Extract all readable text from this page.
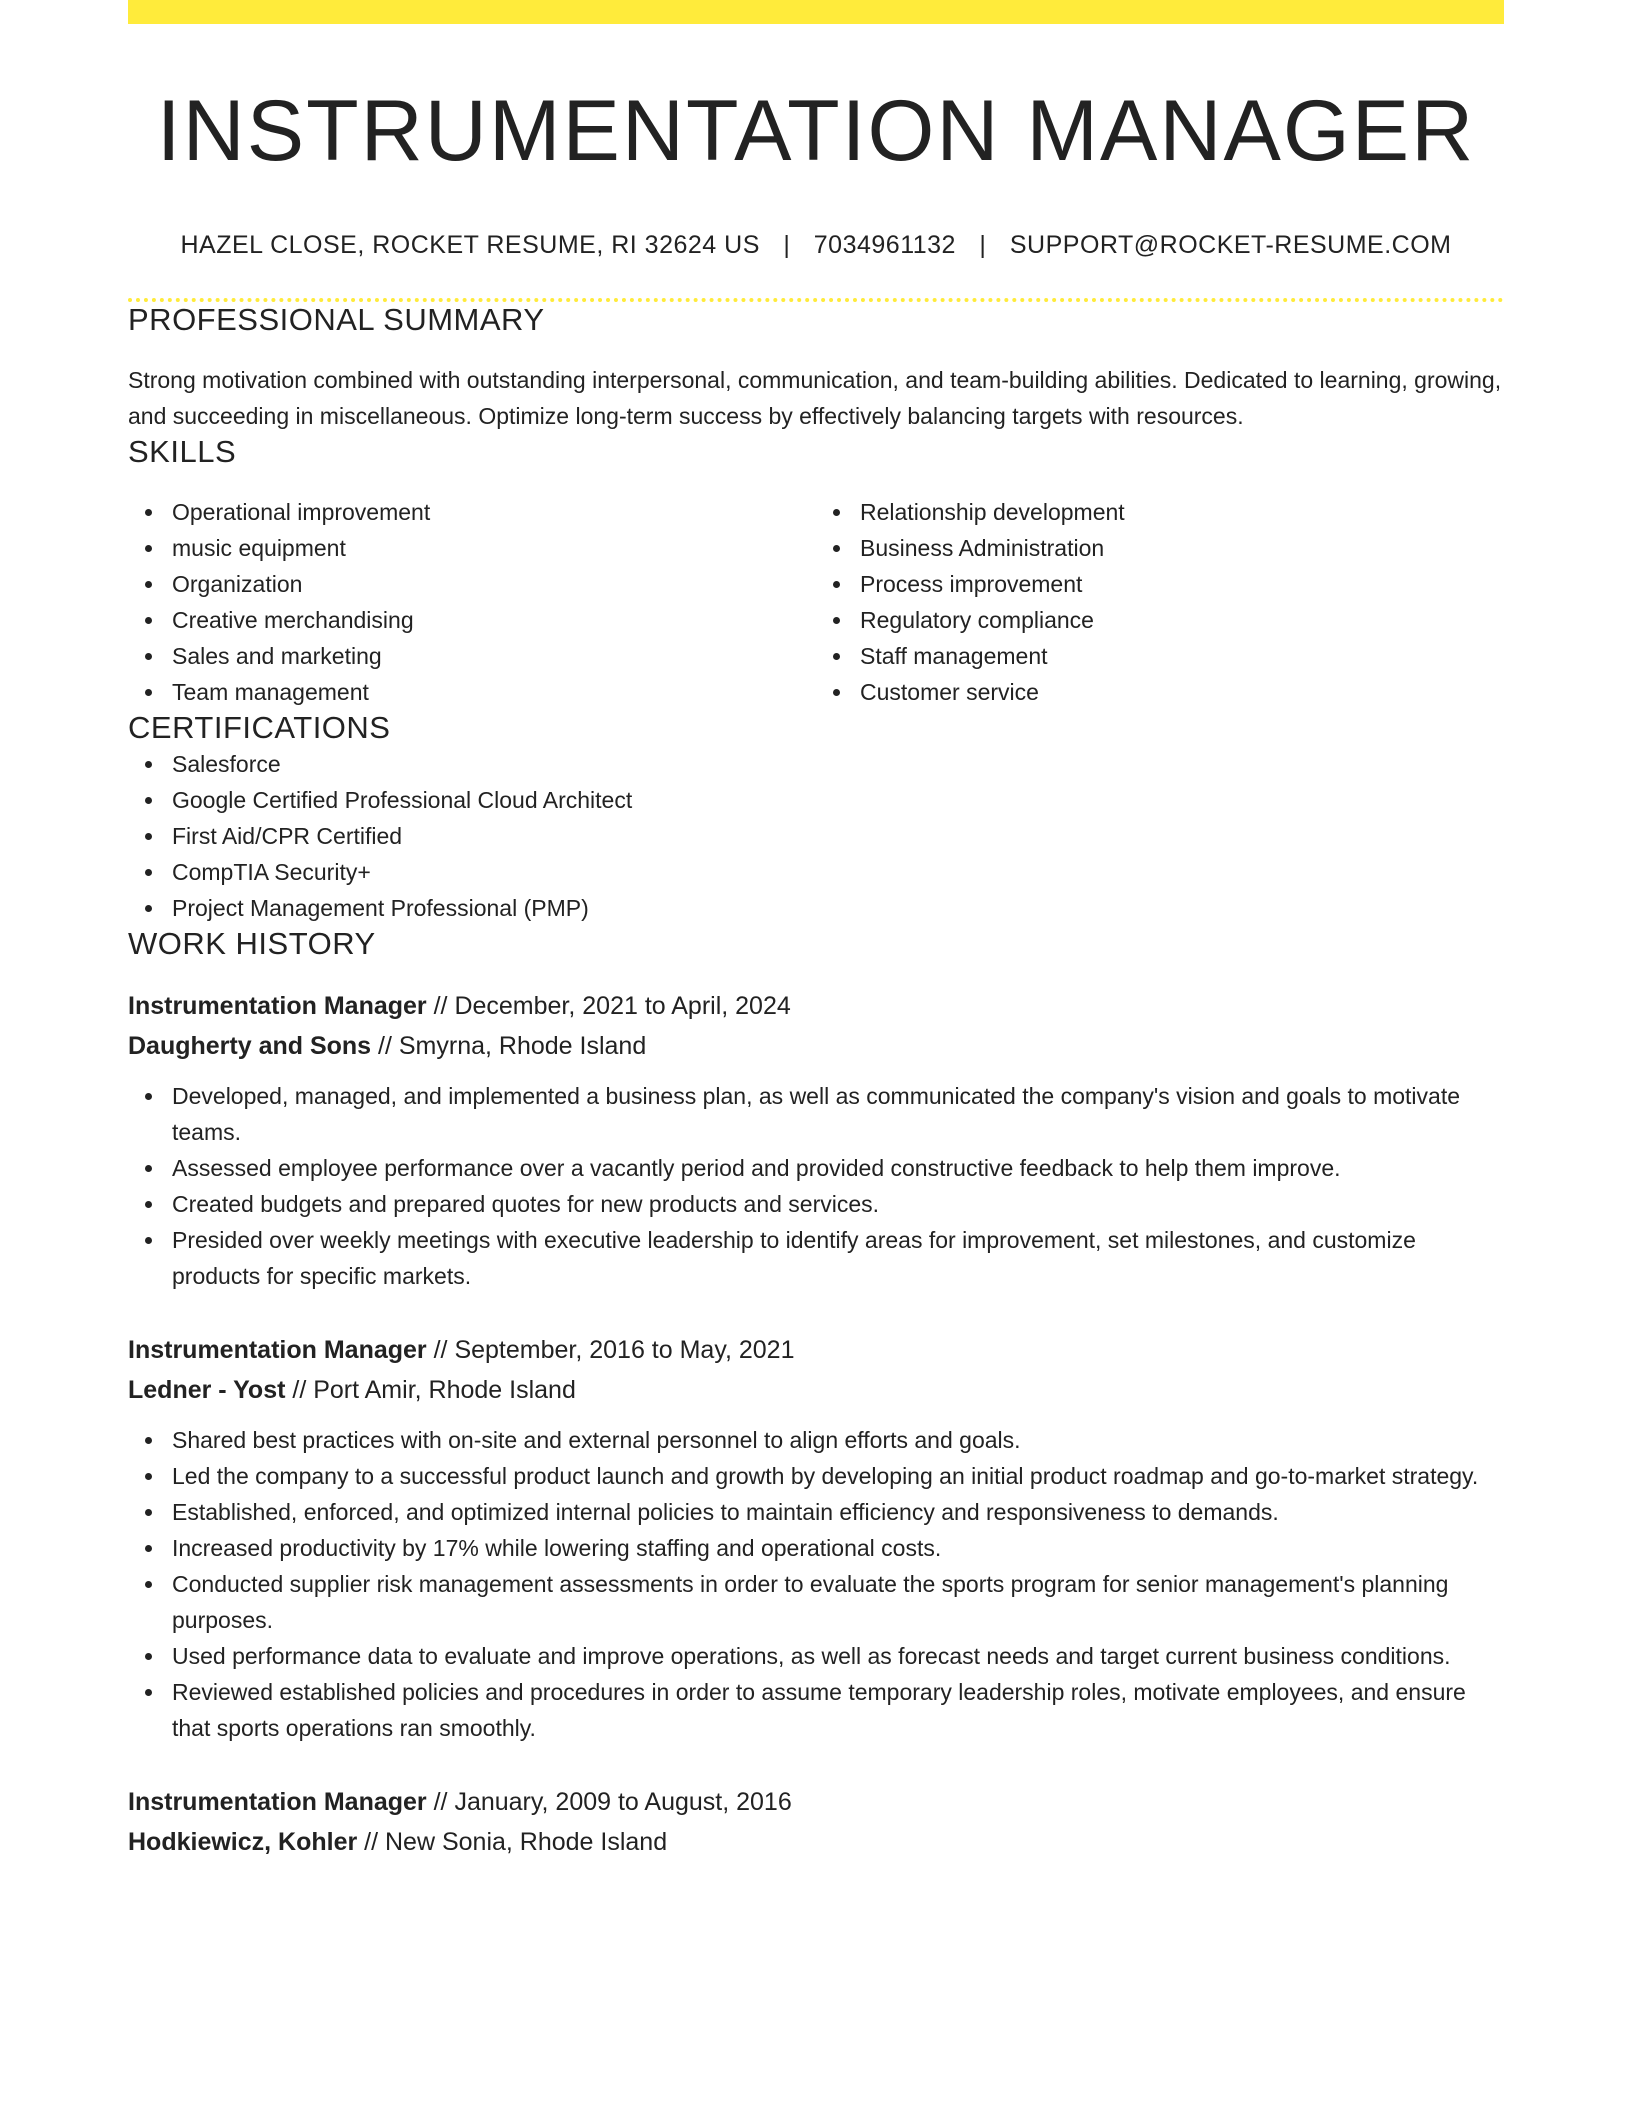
INSTRUMENTATION MANAGER
HAZEL CLOSE, ROCKET RESUME, RI 32624 US | 7034961132 | SUPPORT@ROCKET-RESUME.COM
PROFESSIONAL SUMMARY

Strong motivation combined with outstanding interpersonal, communication, and team-building abilities. Dedicated to learning, growing, and succeeding in miscellaneous. Optimize long-term success by effectively balancing targets with resources.

SKILLS
Operational improvement
music equipment
Organization
Creative merchandising
Sales and marketing
Team management
Relationship development
Business Administration
Process improvement
Regulatory compliance
Staff management
Customer service
CERTIFICATIONS
Salesforce
Google Certified Professional Cloud Architect
First Aid/CPR Certified
CompTIA Security+
Project Management Professional (PMP)
WORK HISTORY
Instrumentation Manager // December, 2021 to April, 2024
Daugherty and Sons // Smyrna, Rhode Island
Developed, managed, and implemented a business plan, as well as communicated the company's vision and goals to motivate teams.
Assessed employee performance over a vacantly period and provided constructive feedback to help them improve.
Created budgets and prepared quotes for new products and services.
Presided over weekly meetings with executive leadership to identify areas for improvement, set milestones, and customize products for specific markets.
Instrumentation Manager // September, 2016 to May, 2021
Ledner - Yost // Port Amir, Rhode Island
Shared best practices with on-site and external personnel to align efforts and goals.
Led the company to a successful product launch and growth by developing an initial product roadmap and go-to-market strategy.
Established, enforced, and optimized internal policies to maintain efficiency and responsiveness to demands.
Increased productivity by 17% while lowering staffing and operational costs.
Conducted supplier risk management assessments in order to evaluate the sports program for senior management's planning purposes.
Used performance data to evaluate and improve operations, as well as forecast needs and target current business conditions.
Reviewed established policies and procedures in order to assume temporary leadership roles, motivate employees, and ensure that sports operations ran smoothly.
Instrumentation Manager // January, 2009 to August, 2016
Hodkiewicz, Kohler // New Sonia, Rhode Island
